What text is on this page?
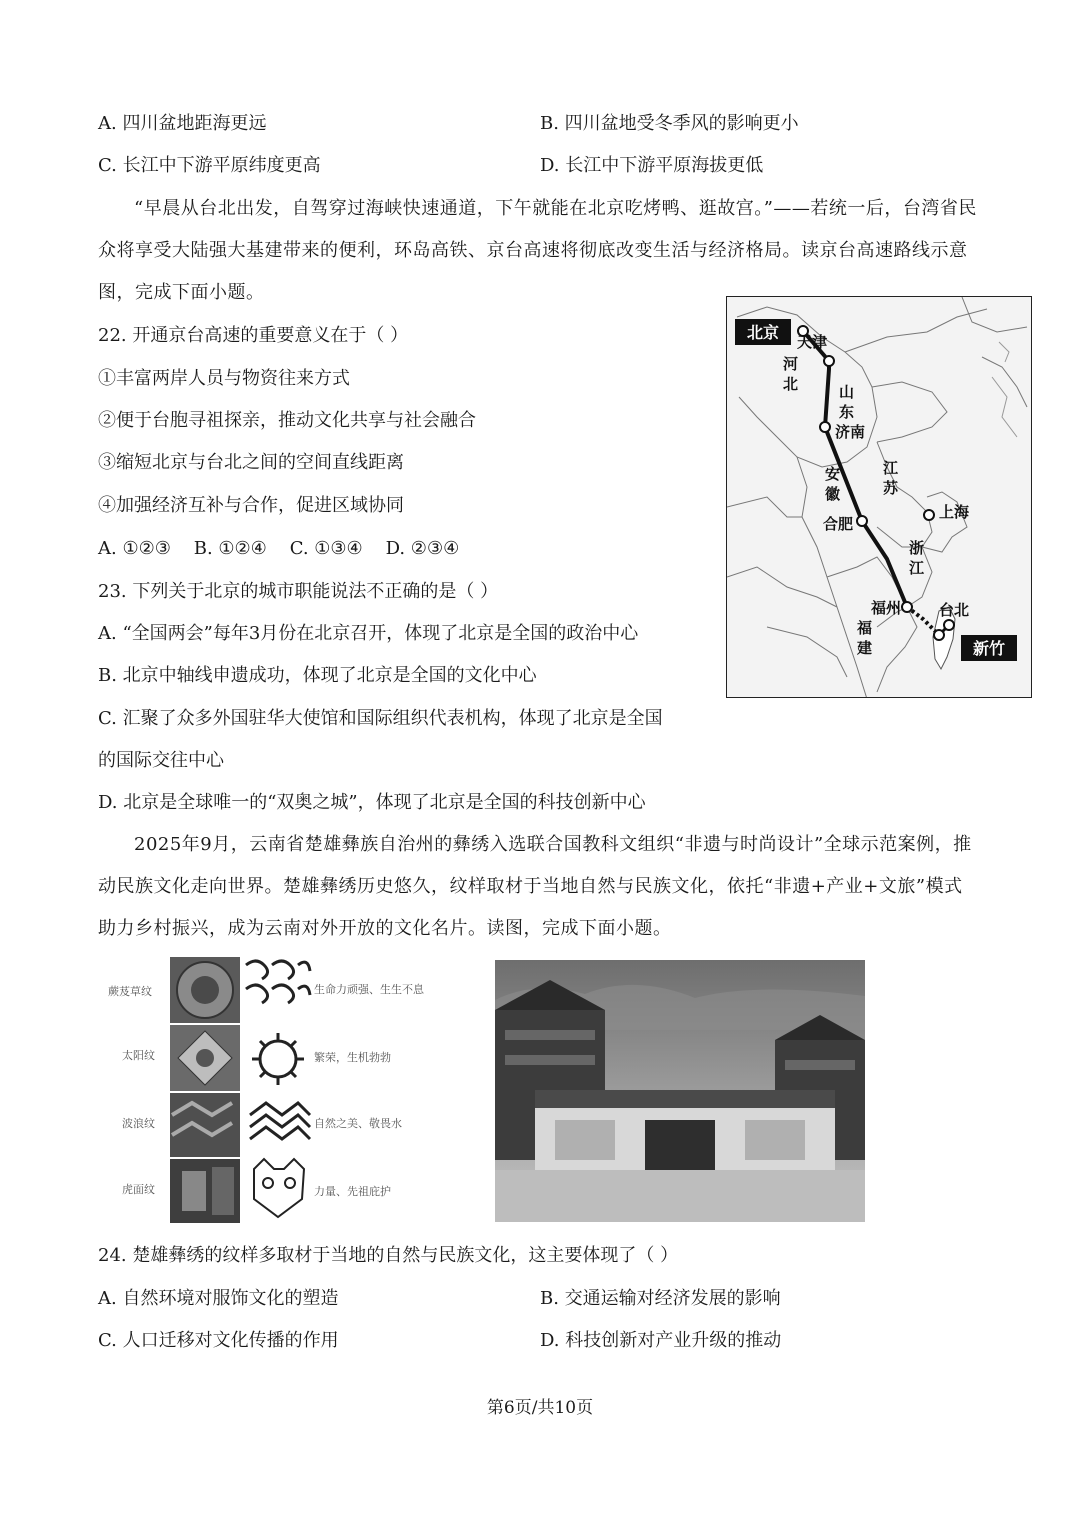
A. 四川盆地距海更远	B. 四川盆地受冬季风的影响更小
C. 长江中下游平原纬度更高	D. 长江中下游平原海拔更低
“早晨从台北出发，自驾穿过海峡快速通道，下午就能在北京吃烤鸭、逛故宫。”——若统一后，台湾省民众将享受大陆强大基建带来的便利，环岛高铁、京台高速将彻底改变生活与经济格局。读京台高速路线示意图，完成下面小题。
22. 开通京台高速的重要意义在于（ ）
①丰富两岸人员与物资往来方式
②便于台胞寻祖探亲，推动文化共享与社会融合
③缩短北京与台北之间的空间直线距离
④加强经济互补与合作，促进区域协同
A. ①②③    B. ①②④    C. ①③④    D. ②③④
23. 下列关于北京的城市职能说法不正确的是（ ）
A. “全国两会”每年3月份在北京召开，体现了北京是全国的政治中心
B. 北京中轴线申遗成功，体现了北京是全国的文化中心
C. 汇聚了众多外国驻华大使馆和国际组织代表机构，体现了北京是全国
的国际交往中心
D. 北京是全球唯一的“双奥之城”，体现了北京是全国的科技创新中心
北京 天津
河
北	山
东
济南
安
徽
合肥
江
苏
上海
浙
江
福州
福
建
台北
新竹
2025年9月，云南省楚雄彝族自治州的彝绣入选联合国教科文组织“非遗与时尚设计”全球示范案例，推动民族文化走向世界。楚雄彝绣历史悠久，纹样取材于当地自然与民族文化，依托“非遗+产业+文旅”模式助力乡村振兴，成为云南对外开放的文化名片。读图，完成下面小题。
蕨芨草纹
太阳纹
波浪纹
虎面纹
生命力顽强、生生不息
繁荣，生机勃勃
自然之美、敬畏水
力量、先祖庇护
24. 楚雄彝绣的纹样多取材于当地的自然与民族文化，这主要体现了（ ）
A. 自然环境对服饰文化的塑造	B. 交通运输对经济发展的影响
C. 人口迁移对文化传播的作用	D. 科技创新对产业升级的推动
第6页/共10页
